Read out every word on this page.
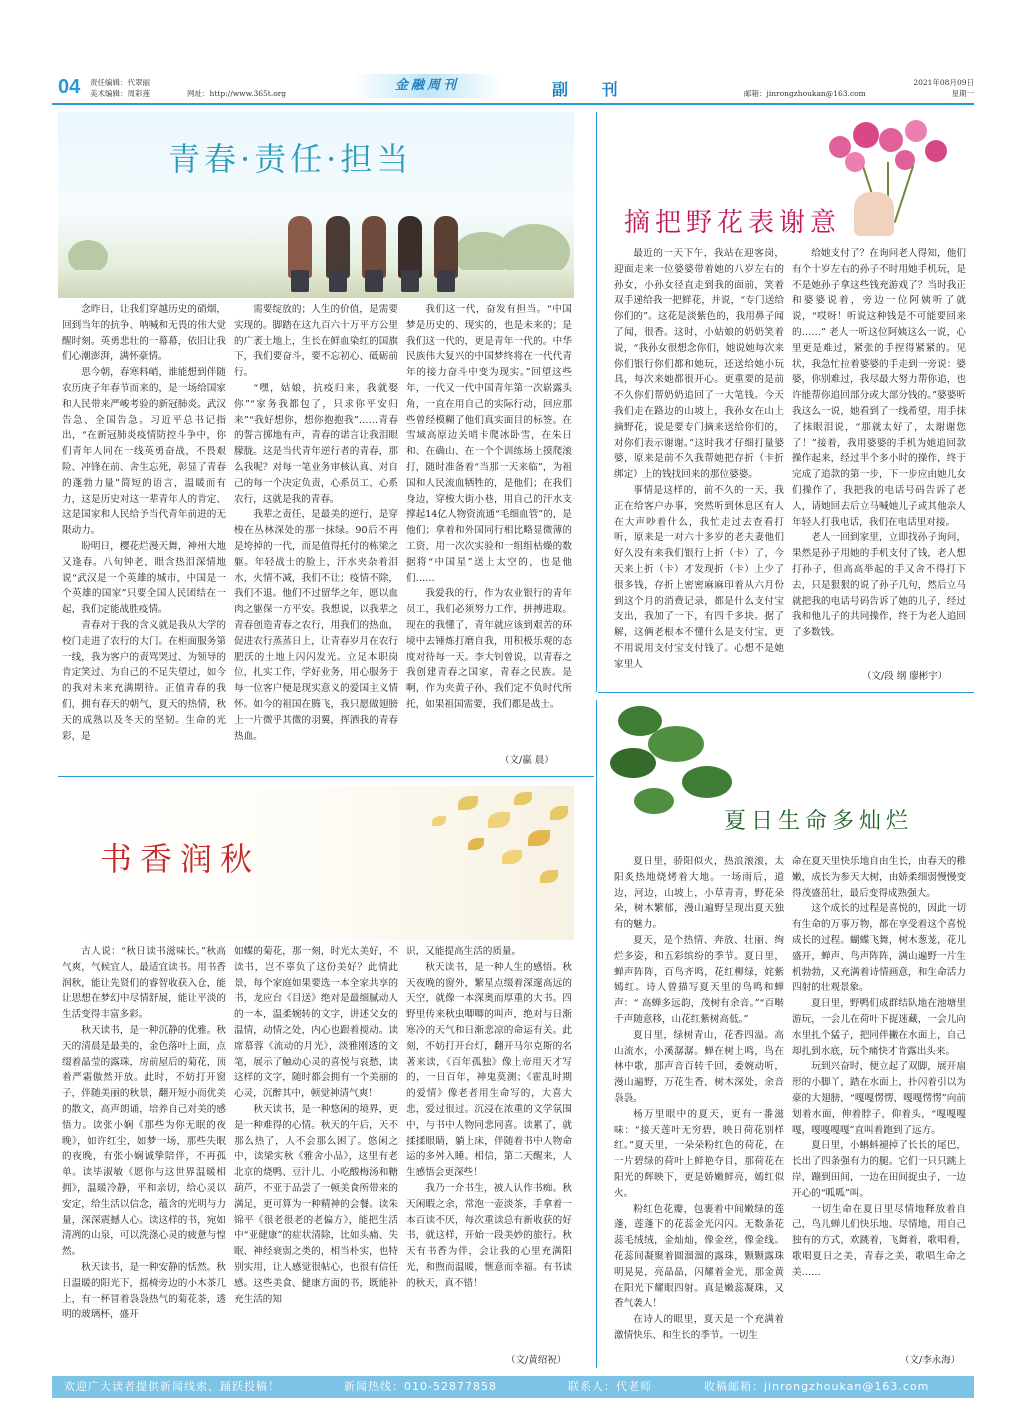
04 责任编辑：代翠丽
美术编辑：周彩莲	网址：http://www.365t.org
金融周刊	副 刊	邮箱：jinrongzhoukan@163.com
2021年08月09日
星期一
青春·责任·担当

念昨日，让我们穿越历史的硝烟，回到当年的抗争、呐喊和无畏的伟大觉醒时刻。英勇悲壮的一幕幕，依旧让我们心潮澎湃，满怀豪情。

思今朝，春寒料峭，谁能想到伴随农历庚子年春节而来的，是一场给国家和人民带来严峻考验的新冠肺炎。武汉告急、全国告急。习近平总书记指出，“在新冠肺炎疫情防控斗争中，你们青年人同在一线英勇奋战，不畏艰险、冲锋在前、舍生忘死，彰显了青春的蓬勃力量”简短的语言，温暖而有力，这是历史对这一辈青年人的肯定、这是国家和人民给予当代青年前进的无限动力。

盼明日，樱花烂漫天舞，神州大地又逢春。八旬钟老，眼含热泪深情地说“武汉是一个英雄的城市，中国是一个英雄的国家”只要全国人民团结在一起，我们定能战胜疫情。

青春对于我的含义就是我从大学的校门走进了农行的大门。在柜面服务第一线，我为客户的责骂哭过、为领导的肯定笑过、为自己的不足失望过，如今的我对未来充满期待。正值青春的我们，拥有春天的朝气，夏天的热情，秋天的成熟以及冬天的坚韧。生命的光彩，是

需要绽放的；人生的价值，是需要实现的。脚踏在这九百六十万平方公里的广袤土地上，生长在鲜血染红的国旗下，我们要奋斗，要不忘初心、砥砺前行。

“嘿，姑娘，抗疫归来，我就娶你”“家务我都包了，只求你平安归来”“我好想你，想你抱抱我”……青春的誓言掷地有声，青春的诺言让我泪眼朦胧。这是当代青年逆行者的青春，那么我呢？对每一笔业务审核认真、对自己的每一个决定负责，心系员工、心系农行，这就是我的青春。

我辈之责任，是最美的逆行，是穿梭在丛林深处的那一抹绿。90后不再是垮掉的一代，而是值得托付的栋梁之躯。年轻战士的脸上，汗水夹杂着泪水，火情不减，我们不让；疫情不除，我们不退。他们不过留华之年，愿以血肉之躯保一方平安。我想说，以我辈之青春创造青春之农行，用我们的热血，促进农行蒸蒸日上，让青春岁月在农行肥沃的土地上闪闪发光。立足本职岗位，扎实工作，学好业务，用心服务于每一位客户便是现实意义的爱国主义情怀。如今的祖国在腾飞，我只愿做翅膀上一片微乎其微的羽翼，挥洒我的青春热血。

我们这一代，奋发有担当。“中国梦是历史的、现实的，也是未来的；是我们这一代的，更是青年一代的。中华民族伟大复兴的中国梦终将在一代代青年的接力奋斗中变为现实。”回望这些年，一代又一代中国青年第一次崭露头角，一直在用自己的实际行动，回应那些曾经模糊了他们真实面目的标签。在雪域高原边关哨卡爬冰卧雪，在朱日和、在确山、在一个个训练场上摸爬滚打，随时准备着“当那一天来临”，为祖国和人民流血牺牲的，是他们；在我们身边，穿梭大街小巷，用自己的汗水支撑起14亿人物资流通“毛细血管”的，是他们；拿着和外国同行相比略显微薄的工资，用一次次实验和一组组枯燥的数据将“中国星”送上太空的，也是他们……

我爱我的行，作为农业银行的青年员工，我们必须努力工作，拼搏进取。现在的我懂了，青年就应该到艰苦的环境中去锤炼打磨自我，用积极乐观的态度对待每一天。李大钊曾说，以青春之我创建青春之国家，青春之民族。是啊，作为夹黄子孙，我们定不负时代所托，如果祖国需要，我们都是战士。

（文/嬴 晨）
摘把野花表谢意

最近的一天下午，我站在迎客岗，迎面走来一位婆婆带着她的八岁左右的孙女，小孙女径直走到我的面前，笑着双手递给我一把鲜花，并说，“专门送给你们的”。这花是淡紫色的，我用鼻子闻了闻，很香。这时，小姑娘的奶奶笑着说，“我孙女很想念你们，她说她每次来你们银行你们都和她玩，还送给她小玩具，每次来她都很开心。更重要的是前不久你们帮奶奶追回了一大笔钱。今天我们走在路边的山坡上，我孙女在山上摘野花，说是要专门摘来送给你们的，对你们表示谢谢。”这时我才仔细打量婆婆，原来是前不久我帮她把存折（卡折绑定）上的钱找回来的那位婆婆。

事情是这样的，前不久的一天，我正在给客户办事，突然听到休息区有人在大声吵着什么，我忙走过去查看打听，原来是一对六十多岁的老夫妻他们好久没有来我们银行上折（卡）了，今天来上折（卡）才发现折（卡）上少了很多钱，存折上密密麻麻印着从六月份到这个月的消费记录，都是什么支付宝支出，我加了一下，有四千多块。据了解，这俩老根本不懂什么是支付宝，更不用说用支付宝支付钱了。心想不是她家里人

给她支付了？在询问老人得知，他们有个十岁左右的孙子不时用她手机玩，是不是她孙子拿这些钱充游戏了？当时我正和婆婆说着，旁边一位阿姨听了就说，“哎呀！听说这种钱是不可能要回来的……” 老人一听这位阿姨这么一说，心里更是难过，紧张的手捏得紧紧的。见状，我急忙拉着婆婆的手走到一旁说：婆婆，你别难过，我尽最大努力帮你追，也许能帮你追回部分或大部分钱的。”婆婆听我这么一说，她看到了一线希望，用手抹了抹眼泪说，“那就太好了，太谢谢您了！”接着，我用婆婆的手机为她追回款操作起来，经过半个多小时的操作，终于完成了追款的第一步，下一步应由她儿女们操作了，我把我的电话号码告诉了老人，请她回去后立马喊她儿子或其他亲人年轻人打我电话，我们在电话里对接。

老人一回到家里，立即找孙子询问，果然是孙子用她的手机支付了钱，老人想打孙子，但高高举起的手又舍不得打下去，只是狠狠的说了孙子几句，然后立马就把我的电话号码告诉了她的儿子，经过我和他儿子的共同操作，终于为老人追回了多数钱。

（文/段 纲 廖彬宇）
书香润秋

古人说：“秋日读书滋味长。”秋高气爽，气候宜人，最适宜读书。用书香润秋，能让先贤们的睿智收获入仓，能让思想在梦幻中尽情舒展，能让平淡的生活变得丰富多彩。

秋天读书，是一种沉静的优雅。秋天的清晨是最美的，金色落叶上面，点缀着晶莹的露珠，房前屋后的菊花，顶着严霜傲然开放。此时，不妨打开窗子，伴随美丽的秋景，翻开短小而优美的散文，高声朗诵，培养自己对美的感悟力。读张小娴《那些为你无眠的夜晚》，如许红尘，如梦一场，那些失眠的夜晚，有张小娴诚挚陪伴，不再孤单。读毕淑敏《愿你与这世界温暖相拥》，温暖冷静，平和亲切，给心灵以安定，给生活以信念，蕴含的光明与力量，深深震撼人心。读这样的书，宛如清冽的山泉，可以洗涤心灵的疲惫与惶然。

秋天读书，是一种安静的恬然。秋日温暖的阳光下，摇椅旁边的小木茶几上，有一杯冒着袅袅热气的菊花茶，透明的玻璃杯，盛开

如蝶的菊花，那一刻，时光太美好，不读书，岂不辜负了这份美好？此情此景，每个家庭如果要选一本全家共享的书，龙应台《目送》绝对是最细腻动人的一本，温柔婉转的文字，讲述父女的温情，动情之处，内心也跟着搅动。读席慕蓉《流动的月光》，淡雅刚透的文笔，展示了触动心灵的喜悦与哀愁，读这样的文字，随时都会拥有一个美丽的心灵，沉醉其中，顿觉神清气爽！

秋天读书，是一种悠闲的境界，更是一种难得的心情。秋天的午后，天不那么热了，人不会那么困了。悠闲之中，读梁实秋《雅舍小品》，这里有老北京的烧鸭、豆汁儿、小吃酸梅汤和糖葫芦，不亚于品尝了一顿美食所带来的满足，更可算为一种精神的会餐。读朱锦平《很老很老的老偏方》，能把生活中“亚健康”的症状清除，比如头痛、失眠、神经衰弱之类的，相当朴实，也特别实用，让人感觉很帖心，也很有信任感。这些美食、健康方面的书，既能补充生活的知

识，又能提高生活的质量。

秋天读书，是一种人生的感悟。秋天夜晚的窗外，繁星点缀着深邃高远的天空，就像一本深奥而厚重的大书。四野里传来秋虫唧唧的叫声，绝对与日渐寒冷的天气和日渐悲凉的命运有关。此刻，不妨打开台灯，翻开马尔克斯的名著来读，《百年孤独》像上帝用天才写的，一日百年，神鬼莫测；《霍乱时期的爱情》像老者用生命写的，大喜大悲，爱过很过。沉浸在浓重的文学氛围中，与书中人物同悲同喜。读累了，就揉揉眼睛，躺上床，伴随着书中人物命运的多舛入睡。相信，第二天醒来，人生感悟会更深些！

我乃一介书生，被人认作书痴。秋天闲暇之余，常泡一壶淡茶，手拿着一本百读不厌，每次重读总有新收获的好书，就这样，开始一段美妙的旅行。秋天有书香为伴，会让我的心里充满阳光，和煦而温暖，惬意而幸福。有书读的秋天，真不错！

（文/黄绍祝）
夏日生命多灿烂

夏日里，骄阳似火，热浪滚滚，太阳炙热地烧烤着大地。一场雨后，道边，河边，山坡上，小草青青，野花朵朵，树木繁郁，漫山遍野呈现出夏天独有的魅力。

夏天，是个热情、奔放、壮丽、绚烂多姿，和五彩缤纷的季节。夏日里，蝉声阵阵，百鸟齐鸣，花红柳绿，姹紫嫣红。诗人曾描写夏天里的鸟鸣和蝉声：“ 高蝉多远韵，茂树有余音。”“百啭千声随意移，山花红紫树高低。”

夏日里，绿树青山，花香四溢。高山流水，小溪潺潺。蝉在树上鸣，鸟在林中歌，那声音百转千回，委婉动听，漫山遍野，万花生香，树木深处，余音袅袅。

杨万里眼中的夏天，更有一番滋味：“接天莲叶无穷碧，映日荷花别样红。”夏天里，一朵朵粉红色的荷花，在一片碧绿的荷叶上鲜艳夺目，那荷花在阳光的辉映下，更是娇嫩鲜亮，嫣红似火。

粉红色花瓣，包裹着中间嫩绿的莲蓬，莲蓬下的花蕊金光闪闪。无数条花蕊毛绒绒，金灿灿，像金丝，像金线。花蕊间凝聚着圆溜溜的露珠，颗颗露珠明晃晃，亮晶晶，闪耀着金光，那金黄在阳光下耀眼四射。真是嫩蕊凝珠，又香气袭人！

在诗人的眼里，夏天是一个充满着激情快乐、和生长的季节。一切生

命在夏天里快乐地自由生长，由春天的稚嫩，成长为参天大树，由娇柔细弱慢慢变得茂盛茁壮，最后变得成熟强大。

这个成长的过程是喜悦的，因此一切有生命的万事万物，都在享受着这个喜悦成长的过程。蝴蝶飞舞，树木葱茏，花儿盛开，蝉声、鸟声阵阵，满山遍野一片生机勃勃，又充满着诗情画意，和生命活力四射的壮观景象。

夏日里，野鸭们成群结队地在池塘里游玩，一会儿在荷叶下捉迷藏，一会儿向水里扎个猛子，把同伴撇在水面上，自己却扎到水底，玩个痛快才肯露出头来。

玩到兴奋时，便立起了双脚，展开扇形的小脚丫，踏在水面上，扑闪着引以为豪的大翅膀，“嘎嘎愣愣，嘎嘎愣愣”向前划着水面，伸着脖子，仰着头，“嘎嘎嘎嘎，嘎嘎嘎嘎”直叫着跑到了远方。

夏日里，小蝌蚪褪掉了长长的尾巴，长出了四条强有力的腿。它们一只只跳上岸，蹦到田间，一边在田间捉虫子，一边开心的“呱呱”叫。

一切生命在夏日里尽情地释放着自己，鸟儿蝉儿们快乐地、尽情地，用自己独有的方式，欢跳着，飞舞着，歌唱着，歌唱夏日之美，青春之美，歌唱生命之美……

（文/李永海）
欢迎广大读者提供新闻线索、踊跃投稿！	新闻热线：010-52877858	联系人：代老师	收稿邮箱：jinrongzhoukan@163.com
